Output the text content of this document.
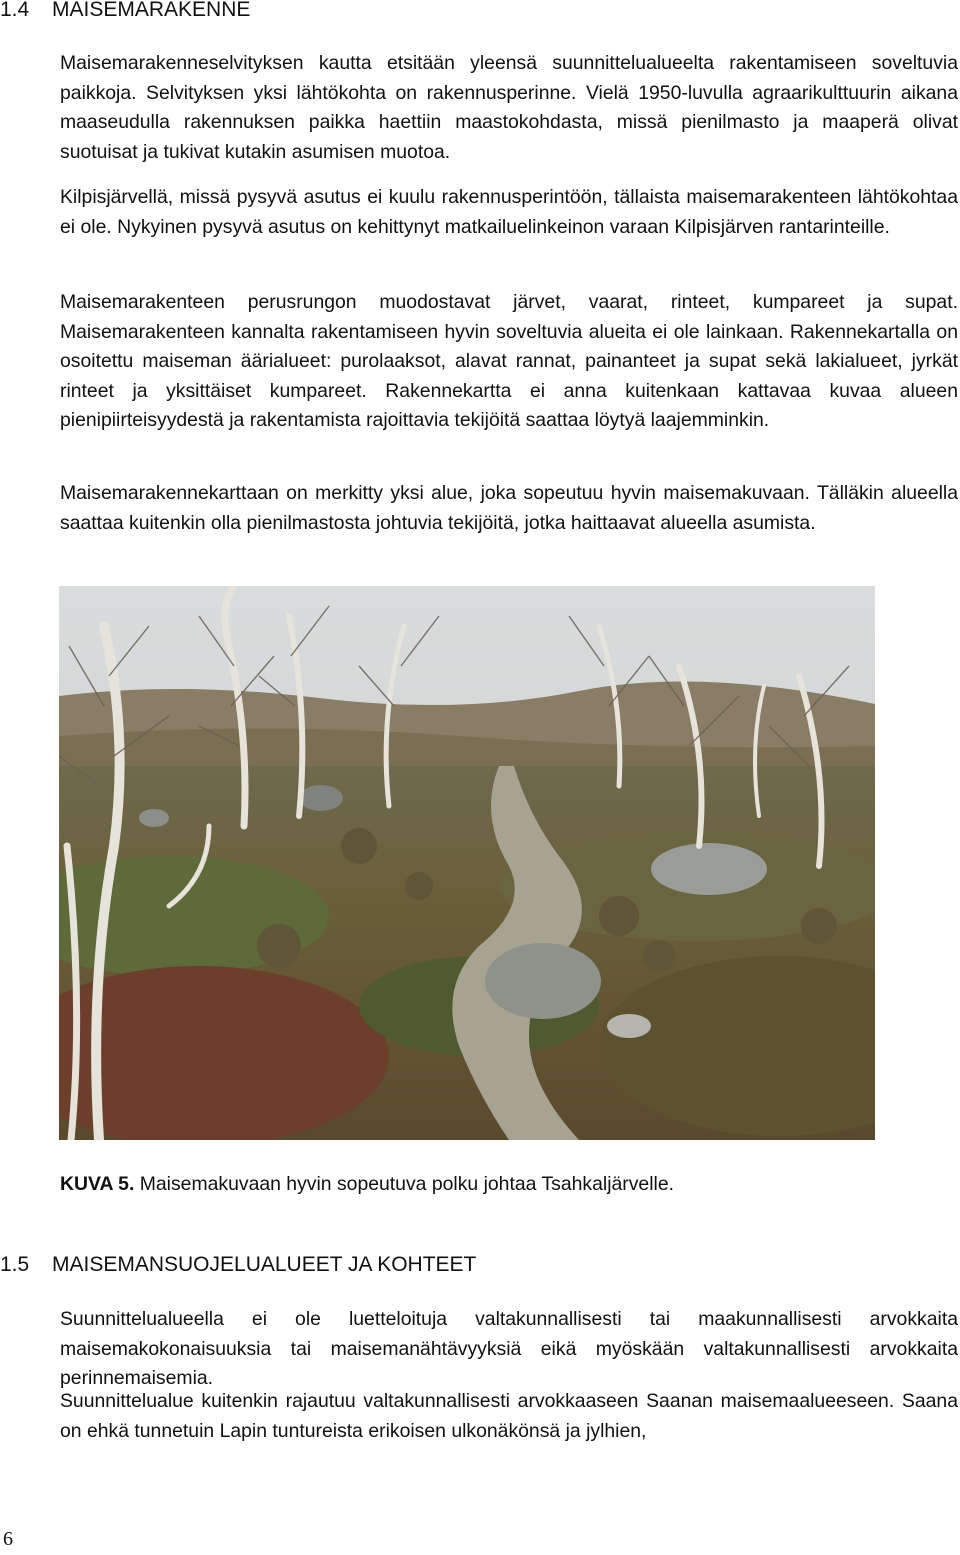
1.4 MAISEMARAKENNE

Maisemarakenneselvityksen kautta etsitään yleensä suunnittelualueelta rakentamiseen soveltuvia paikkoja. Selvityksen yksi lähtökohta on rakennusperinne. Vielä 1950-luvulla agraarikulttuurin aikana maaseudulla rakennuksen paikka haettiin maastokohdasta, missä pienilmasto ja maaperä olivat suotuisat ja tukivat kutakin asumisen muotoa.

Kilpisjärvellä, missä pysyvä asutus ei kuulu rakennusperintöön, tällaista maisemarakenteen lähtökohtaa ei ole. Nykyinen pysyvä asutus on kehittynyt matkailuelinkeinon varaan Kilpisjärven rantarinteille.

Maisemarakenteen perusrungon muodostavat järvet, vaarat, rinteet, kumpareet ja supat. Maisemarakenteen kannalta rakentamiseen hyvin soveltuvia alueita ei ole lainkaan. Rakennekartalla on osoitettu maiseman äärialueet: purolaaksot, alavat rannat, painanteet ja supat sekä lakialueet, jyrkät rinteet ja yksittäiset kumpareet. Rakennekartta ei anna kuitenkaan kattavaa kuvaa alueen pienipiirteisyydestä ja rakentamista rajoittavia tekijöitä saattaa löytyä laajemminkin.

Maisemarakennekarttaan on merkitty yksi alue, joka sopeutuu hyvin maisemakuvaan. Tälläkin alueella saattaa kuitenkin olla pienilmastosta johtuvia tekijöitä, jotka haittaavat alueella asumista.

KUVA 5. Maisemakuvaan hyvin sopeutuva polku johtaa Tsahkaljärvelle.

1.5 MAISEMANSUOJELUALUEET JA KOHTEET

Suunnittelualueella ei ole luetteloituja valtakunnallisesti tai maakunnallisesti arvokkaita maisemakokonaisuuksia tai maisemanähtävyyksiä eikä myöskään valtakunnallisesti arvokkaita perinnemaisemia.

Suunnittelualue kuitenkin rajautuu valtakunnallisesti arvokkaaseen Saanan maisemaalueeseen. Saana on ehkä tunnetuin Lapin tuntureista erikoisen ulkonäkönsä ja jylhien,

6
